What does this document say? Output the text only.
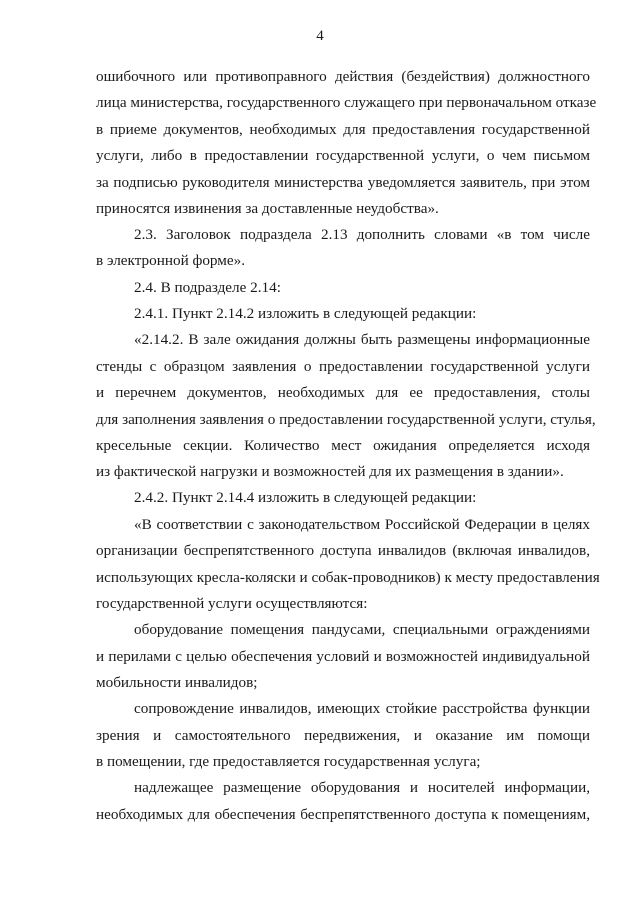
4
ошибочного или противоправного действия (бездействия) должностного
лица министерства, государственного служащего при первоначальном отказе
в приеме документов, необходимых для предоставления государственной
услуги, либо в предоставлении государственной услуги, о чем письмом
за подписью руководителя министерства уведомляется заявитель, при этом
приносятся извинения за доставленные неудобства».
2.3. Заголовок подраздела 2.13 дополнить словами «в том числе
в электронной форме».
2.4. В подразделе 2.14:
2.4.1. Пункт 2.14.2 изложить в следующей редакции:
«2.14.2. В зале ожидания должны быть размещены информационные
стенды с образцом заявления о предоставлении государственной услуги
и перечнем документов, необходимых для ее предоставления, столы
для заполнения заявления о предоставлении государственной услуги, стулья,
кресельные секции. Количество мест ожидания определяется исходя
из фактической нагрузки и возможностей для их размещения в здании».
2.4.2. Пункт 2.14.4 изложить в следующей редакции:
«В соответствии с законодательством Российской Федерации в целях
организации беспрепятственного доступа инвалидов (включая инвалидов,
использующих кресла-коляски и собак-проводников) к месту предоставления
государственной услуги осуществляются:
оборудование помещения пандусами, специальными ограждениями
и перилами с целью обеспечения условий и возможностей индивидуальной
мобильности инвалидов;
сопровождение инвалидов, имеющих стойкие расстройства функции
зрения и самостоятельного передвижения, и оказание им помощи
в помещении, где предоставляется государственная услуга;
надлежащее размещение оборудования и носителей информации,
необходимых для обеспечения беспрепятственного доступа к помещениям,
